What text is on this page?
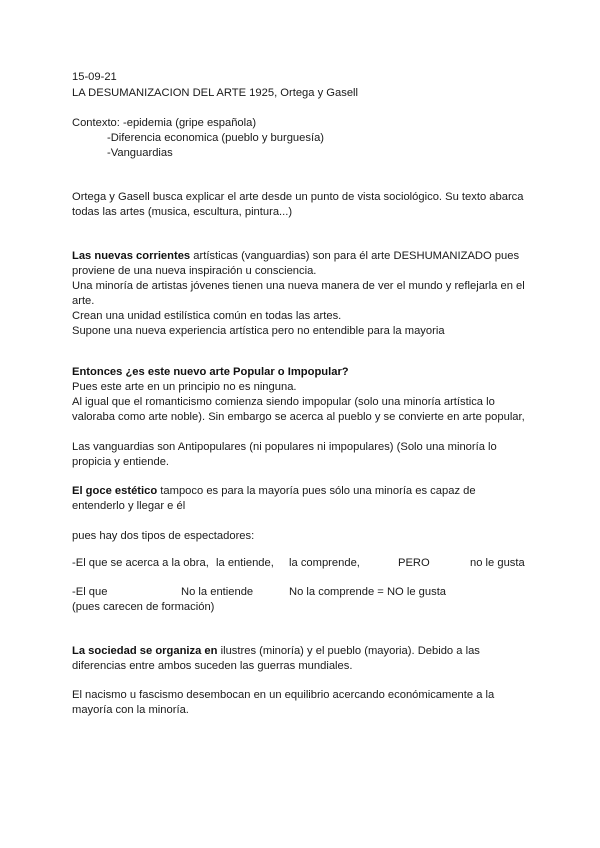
15-09-21
LA DESUMANIZACION DEL ARTE 1925, Ortega y Gasell
Contexto: -epidemia (gripe española)
-Diferencia economica (pueblo y burguesía)
-Vanguardias
Ortega y Gasell busca explicar el arte desde un punto de vista sociológico. Su texto abarca
todas las artes (musica, escultura, pintura...)
Las nuevas corrientes artísticas (vanguardias) son para él arte DESHUMANIZADO pues
proviene de una nueva inspiración u consciencia.
Una minoría de artistas jóvenes tienen una nueva manera de ver el mundo y reflejarla en el
arte.
Crean una unidad estilística común en todas las artes.
Supone una nueva experiencia artística pero no entendible para la mayoria
Entonces ¿es este nuevo arte Popular o Impopular?
Pues este arte en un principio no es ninguna.
Al igual que el romanticismo comienza siendo impopular (solo una minoría artística lo
valoraba como arte noble). Sin embargo se acerca al pueblo y se convierte en arte popular,
Las vanguardias son Antipopulares (ni populares ni impopulares) (Solo una minoría lo
propicia y entiende.
El goce estético tampoco es para la mayoría pues sólo una minoría es capaz de
entenderlo y llegar e él
pues hay dos tipos de espectadores:
-El que se acerca a la obra, la entiende, la comprende,	PERO	no le gusta
-El que	No la entiende	No la comprende = NO le gusta
(pues carecen de formación)
La sociedad se organiza en ilustres (minoría) y el pueblo (mayoria). Debido a las
diferencias entre ambos suceden las guerras mundiales.
El nacismo u fascismo desembocan en un equilibrio acercando económicamente a la
mayoría con la minoría.
